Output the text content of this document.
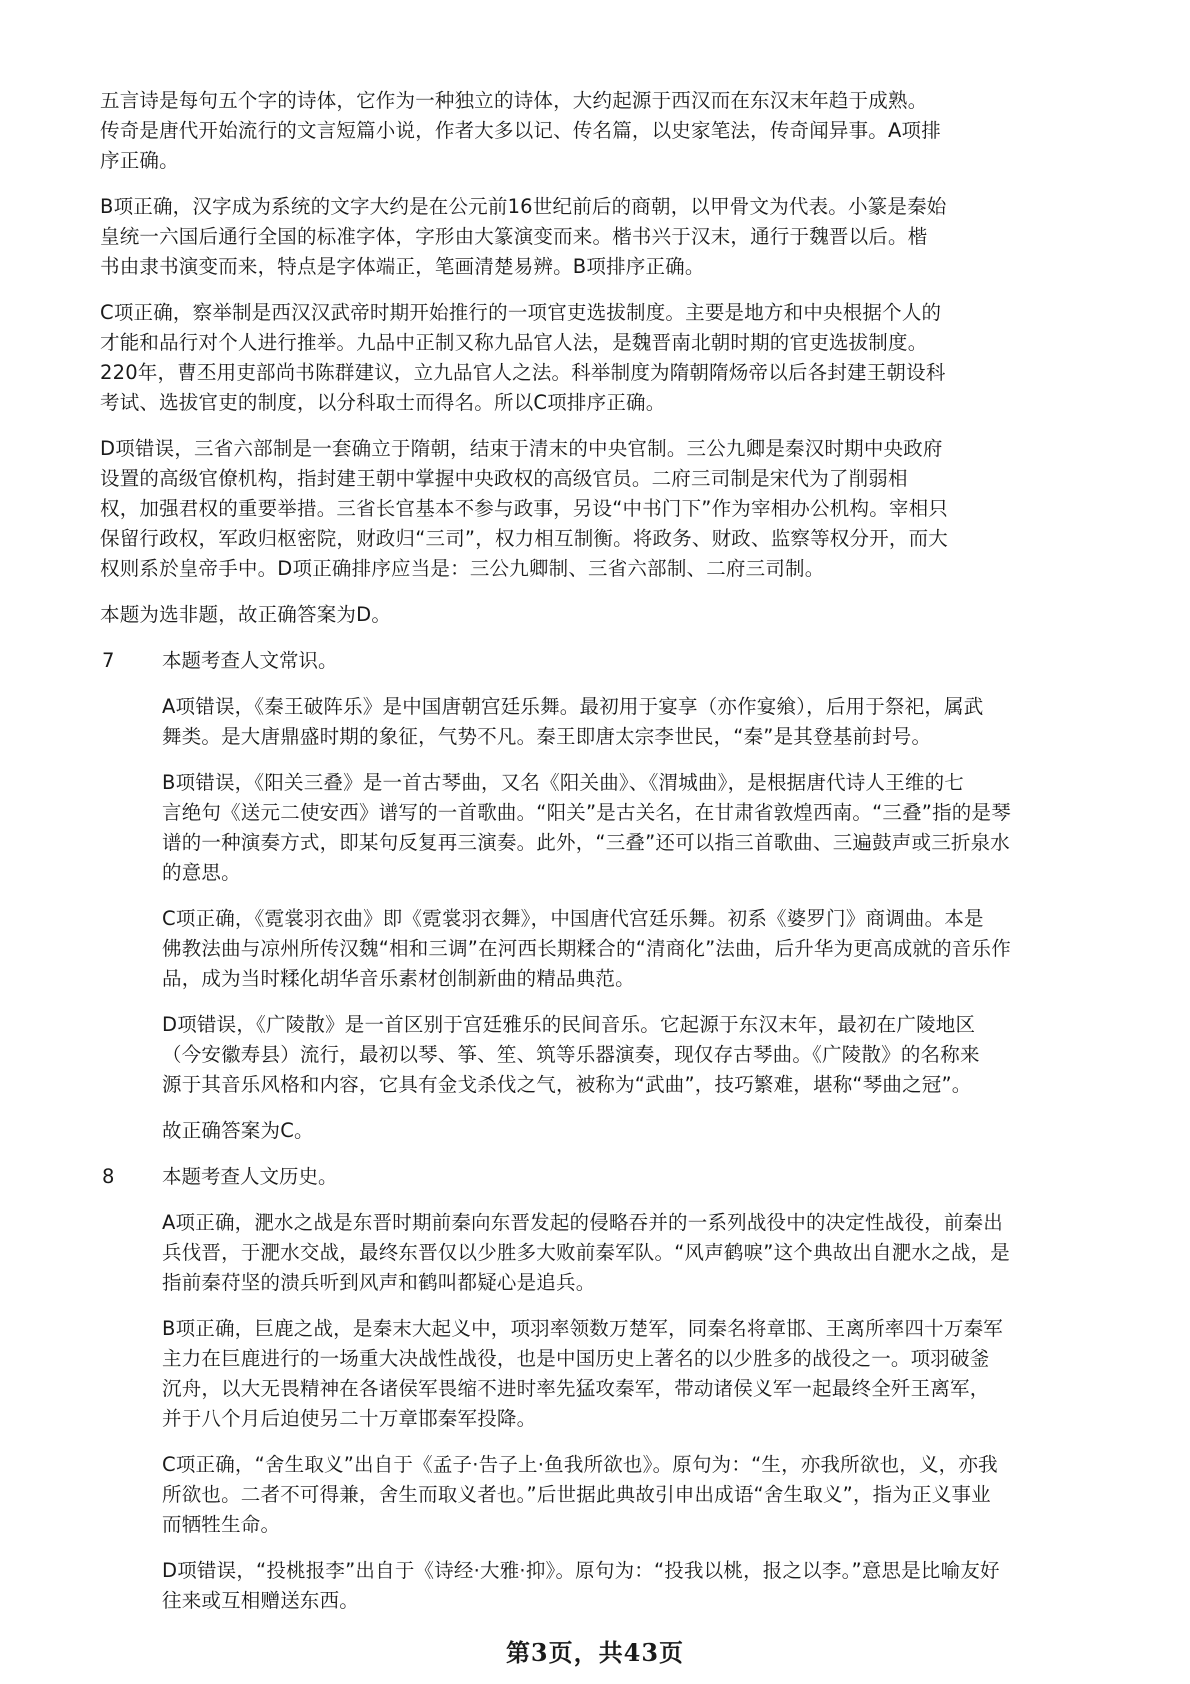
五言诗是每句五个字的诗体，它作为一种独立的诗体，大约起源于西汉而在东汉末年趋于成熟。
传奇是唐代开始流行的文言短篇小说，作者大多以记、传名篇，以史家笔法，传奇闻异事。A项排
序正确。
B项正确，汉字成为系统的文字大约是在公元前16世纪前后的商朝，以甲骨文为代表。小篆是秦始
皇统一六国后通行全国的标准字体，字形由大篆演变而来。楷书兴于汉末，通行于魏晋以后。楷
书由隶书演变而来，特点是字体端正，笔画清楚易辨。B项排序正确。
C项正确，察举制是西汉汉武帝时期开始推行的一项官吏选拔制度。主要是地方和中央根据个人的
才能和品行对个人进行推举。九品中正制又称九品官人法，是魏晋南北朝时期的官吏选拔制度。
220年，曹丕用吏部尚书陈群建议，立九品官人之法。科举制度为隋朝隋炀帝以后各封建王朝设科
考试、选拔官吏的制度，以分科取士而得名。所以C项排序正确。
D项错误，三省六部制是一套确立于隋朝，结束于清末的中央官制。三公九卿是秦汉时期中央政府
设置的高级官僚机构，指封建王朝中掌握中央政权的高级官员。二府三司制是宋代为了削弱相
权，加强君权的重要举措。三省长官基本不参与政事，另设“中书门下”作为宰相办公机构。宰相只
保留行政权，军政归枢密院，财政归“三司”，权力相互制衡。将政务、财政、监察等权分开，而大
权则系於皇帝手中。D项正确排序应当是：三公九卿制、三省六部制、二府三司制。
本题为选非题，故正确答案为D。
7 本题考查人文常识。
A项错误，《秦王破阵乐》是中国唐朝宫廷乐舞。最初用于宴享（亦作宴飨），后用于祭祀，属武
舞类。是大唐鼎盛时期的象征，气势不凡。秦王即唐太宗李世民，“秦”是其登基前封号。
B项错误，《阳关三叠》是一首古琴曲，又名《阳关曲》、《渭城曲》，是根据唐代诗人王维的七
言绝句《送元二使安西》谱写的一首歌曲。“阳关”是古关名，在甘肃省敦煌西南。“三叠”指的是琴
谱的一种演奏方式，即某句反复再三演奏。此外，“三叠”还可以指三首歌曲、三遍鼓声或三折泉水
的意思。
C项正确，《霓裳羽衣曲》即《霓裳羽衣舞》，中国唐代宫廷乐舞。初系《婆罗门》商调曲。本是
佛教法曲与凉州所传汉魏“相和三调”在河西长期糅合的“清商化”法曲，后升华为更高成就的音乐作
品，成为当时糅化胡华音乐素材创制新曲的精品典范。
D项错误，《广陵散》是一首区别于宫廷雅乐的民间音乐。它起源于东汉末年，最初在广陵地区
（今安徽寿县）流行，最初以琴、筝、笙、筑等乐器演奏，现仅存古琴曲。《广陵散》的名称来
源于其音乐风格和内容，它具有金戈杀伐之气，被称为“武曲”，技巧繁难，堪称“琴曲之冠”。
故正确答案为C。
8 本题考查人文历史。
A项正确，淝水之战是东晋时期前秦向东晋发起的侵略吞并的一系列战役中的决定性战役，前秦出
兵伐晋，于淝水交战，最终东晋仅以少胜多大败前秦军队。“风声鹤唳”这个典故出自淝水之战，是
指前秦苻坚的溃兵听到风声和鹤叫都疑心是追兵。
B项正确，巨鹿之战，是秦末大起义中，项羽率领数万楚军，同秦名将章邯、王离所率四十万秦军
主力在巨鹿进行的一场重大决战性战役，也是中国历史上著名的以少胜多的战役之一。项羽破釜
沉舟，以大无畏精神在各诸侯军畏缩不进时率先猛攻秦军，带动诸侯义军一起最终全歼王离军，
并于八个月后迫使另二十万章邯秦军投降。
C项正确，“舍生取义”出自于《孟子·告子上·鱼我所欲也》。原句为：“生，亦我所欲也，义，亦我
所欲也。二者不可得兼，舍生而取义者也。”后世据此典故引申出成语“舍生取义”，指为正义事业
而牺牲生命。
D项错误，“投桃报李”出自于《诗经·大雅·抑》。原句为：“投我以桃，报之以李。”意思是比喻友好
往来或互相赠送东西。
第3页，共43页
